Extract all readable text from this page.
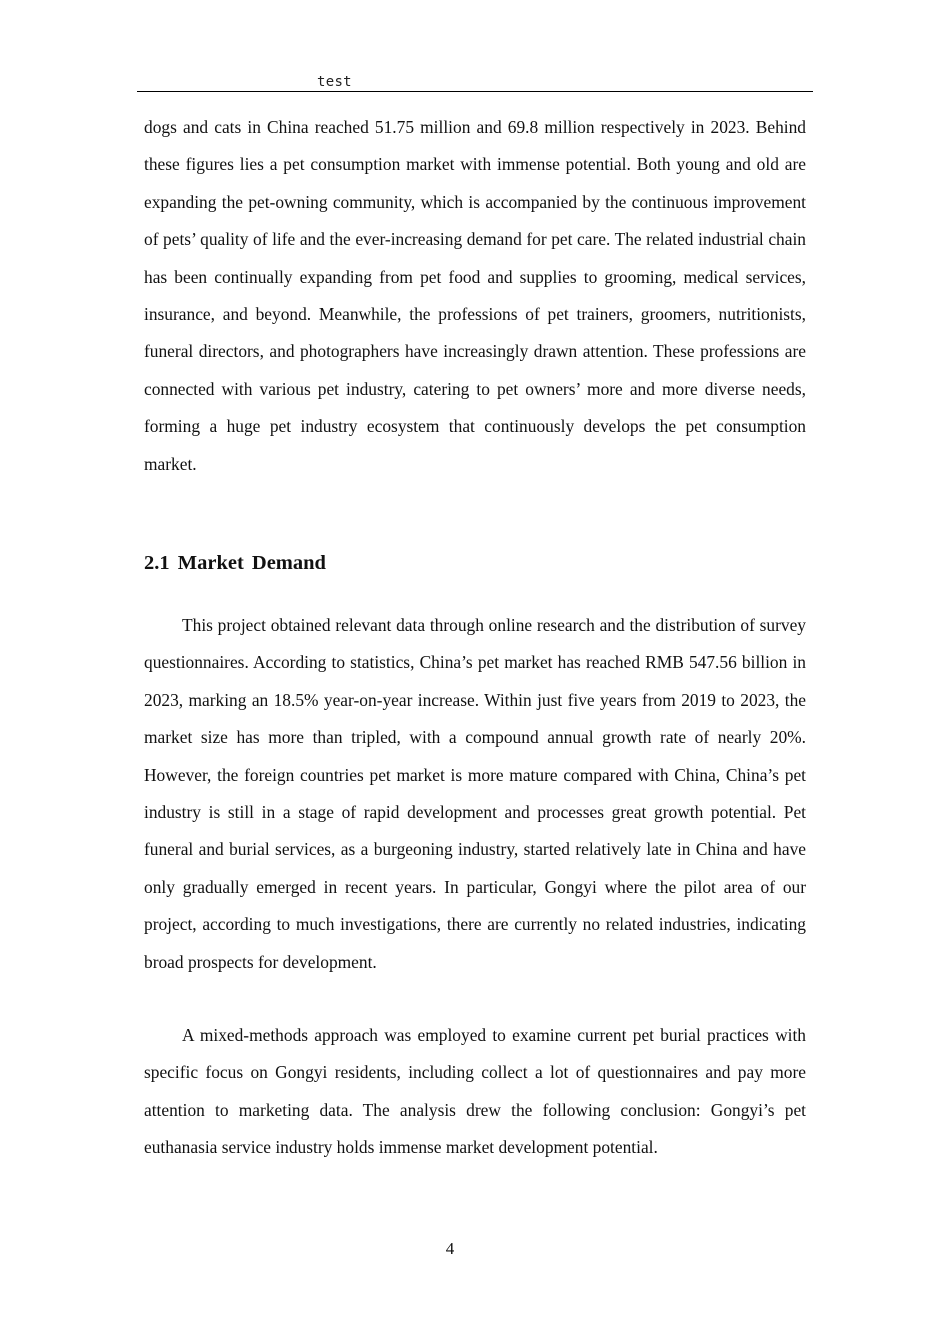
test

dogs and cats in China reached 51.75 million and 69.8 million respectively in 2023. Behind these figures lies a pet consumption market with immense potential. Both young and old are expanding the pet-owning community, which is accompanied by the continuous improvement of pets’ quality of life and the ever-increasing demand for pet care. The related industrial chain has been continually expanding from pet food and supplies to grooming, medical services, insurance, and beyond. Meanwhile, the professions of pet trainers, groomers, nutritionists, funeral directors, and photographers have increasingly drawn attention. These professions are connected with various pet industry, catering to pet owners’ more and more diverse needs, forming a huge pet industry ecosystem that continuously develops the pet consumption market.

2.1 Market Demand

This project obtained relevant data through online research and the distribution of survey questionnaires. According to statistics, China’s pet market has reached RMB 547.56 billion in 2023, marking an 18.5% year-on-year increase. Within just five years from 2019 to 2023, the market size has more than tripled, with a compound annual growth rate of nearly 20%. However, the foreign countries pet market is more mature compared with China, China’s pet industry is still in a stage of rapid development and processes great growth potential. Pet funeral and burial services, as a burgeoning industry, started relatively late in China and have only gradually emerged in recent years. In particular, Gongyi where the pilot area of our project, according to much investigations, there are currently no related industries, indicating broad prospects for development.

A mixed-methods approach was employed to examine current pet burial practices with specific focus on Gongyi residents, including collect a lot of questionnaires and pay more attention to marketing data. The analysis drew the following conclusion: Gongyi’s pet euthanasia service industry holds immense market development potential.

4
